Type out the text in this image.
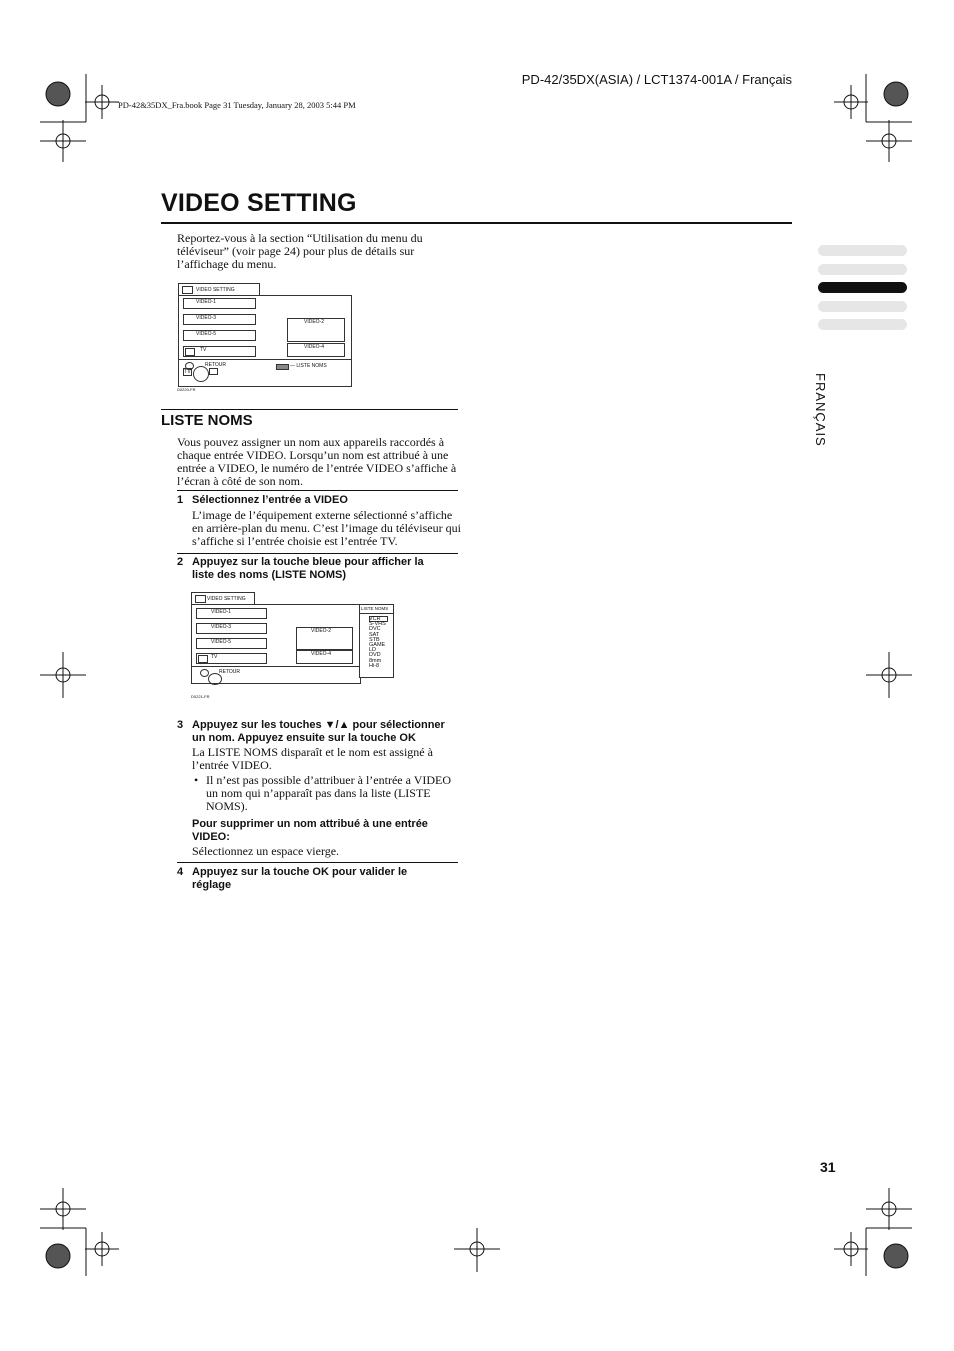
PD-42/35DX(ASIA) / LCT1374-001A / Français
PD-42&35DX_Fra.book Page 31 Tuesday, January 28, 2003 5:44 PM
VIDEO SETTING
FRANÇAIS
Reportez-vous à la section “Utilisation du menu du
téléviseur” (voir page 24) pour plus de détails sur
l’affichage du menu.
VIDEO SETTING
VIDEO-1
VIDEO-3
VIDEO-5
TV
VIDEO-2
VIDEO-4
RETOUR
TV
— LISTE NOMS
D0220-FR
LISTE NOMS
Vous pouvez assigner un nom aux appareils raccordés à
chaque entrée VIDEO. Lorsqu’un nom est attribué à une
entrée a VIDEO, le numéro de l’entrée VIDEO s’affiche à
l’écran à côté de son nom.
1 Sélectionnez l’entrée a VIDEO
L’image de l’équipement externe sélectionné s’affiche
en arrière-plan du menu. C’est l’image du téléviseur qui
s’affiche si l’entrée choisie est l’entrée TV.
2 Appuyez sur la touche bleue pour afficher la
liste des noms (LISTE NOMS)
VIDEO SETTING
VIDEO-1
VIDEO-3
VIDEO-5
TV
VIDEO-2
VIDEO-4
RETOUR
LISTE NOMS
VCR
S-VHS
DVC
SAT
STB
GAME
LD
DVD
8mm
Hi-8
D0221-FR
3 Appuyez sur les touches ▼/▲ pour sélectionner
un nom. Appuyez ensuite sur la touche OK
La LISTE NOMS disparaît et le nom est assigné à
l’entrée VIDEO.
• Il n’est pas possible d’attribuer à l’entrée a VIDEO
un nom qui n’apparaît pas dans la liste (LISTE
NOMS).
Pour supprimer un nom attribué à une entrée
VIDEO:
Sélectionnez un espace vierge.
4 Appuyez sur la touche OK pour valider le
réglage
31
